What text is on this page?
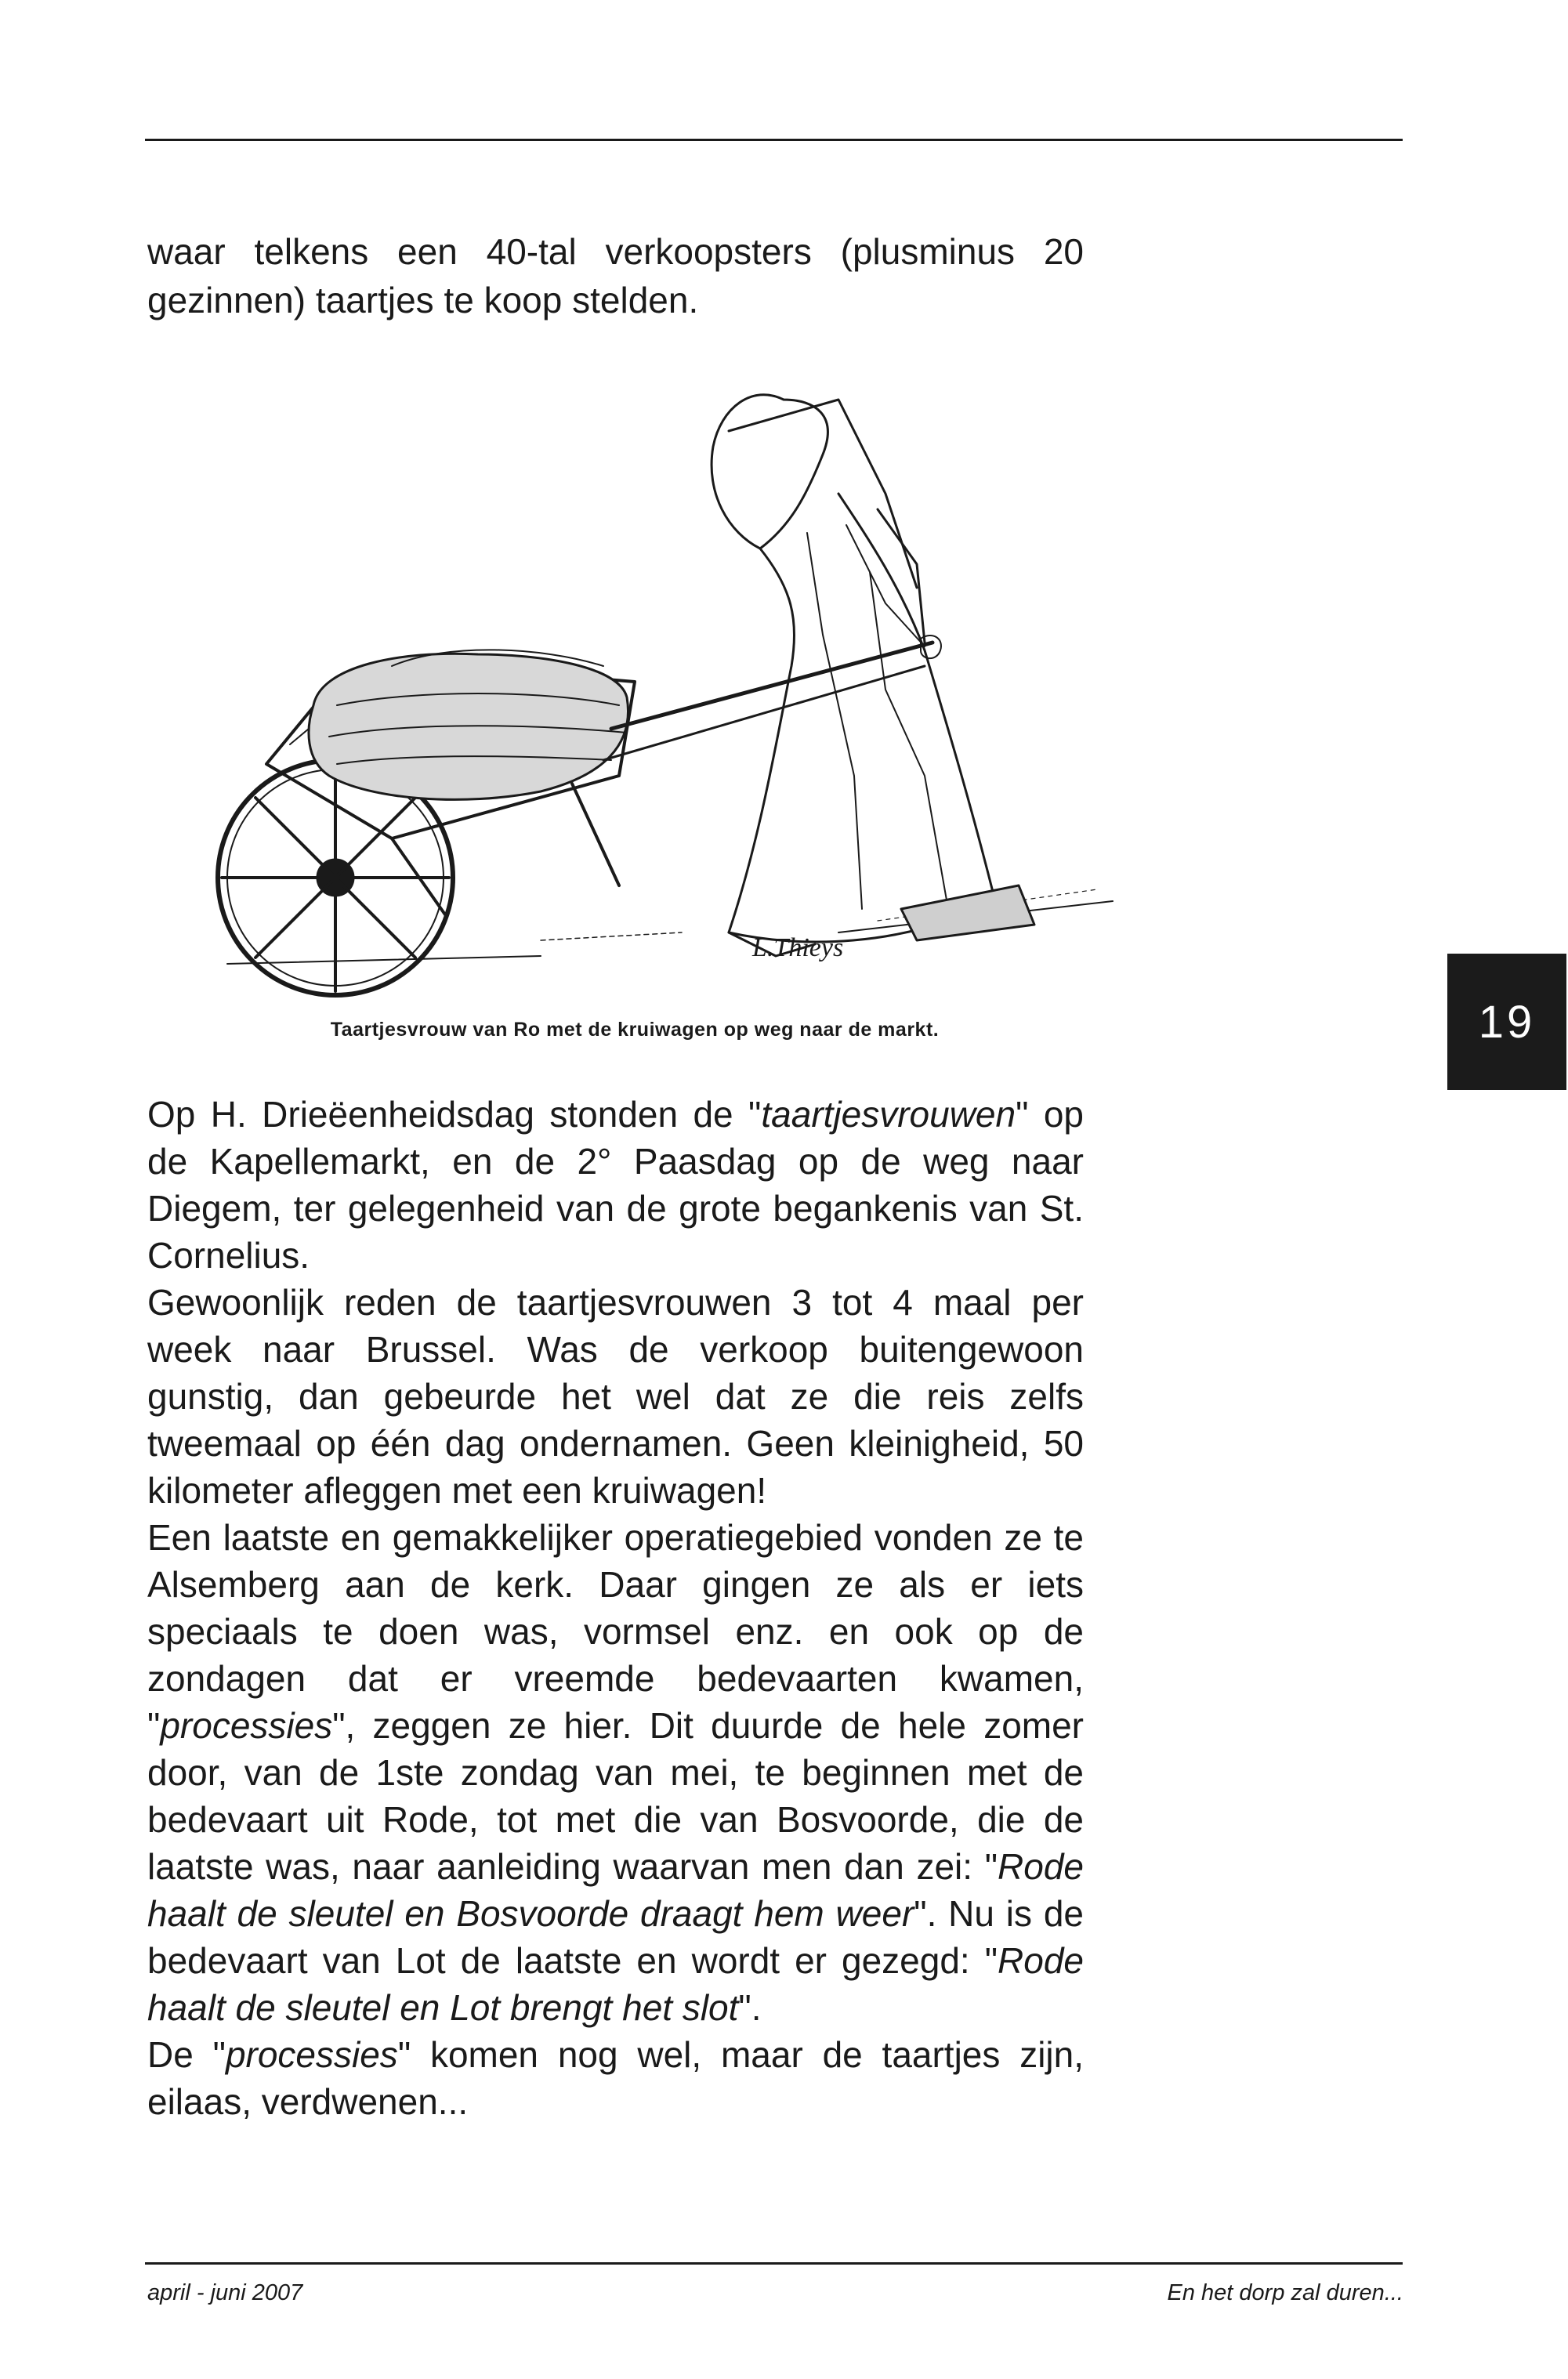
waar telkens een 40-tal verkoopsters (plusminus 20 gezinnen) taartjes te koop stelden.
L.Thieys
Taartjesvrouw van Ro met de kruiwagen op weg naar de markt.

Op H. Drieëenheidsdag stonden de "taartjesvrouwen" op de Kapellemarkt, en de 2° Paasdag op de weg naar Diegem, ter gelegenheid van de grote begankenis van St. Cornelius.

Gewoonlijk reden de taartjesvrouwen 3 tot 4 maal per week naar Brussel. Was de verkoop buitengewoon gunstig, dan gebeurde het wel dat ze die reis zelfs tweemaal op één dag ondernamen. Geen kleinigheid, 50 kilometer afleggen met een kruiwagen!

Een laatste en gemakkelijker operatiegebied vonden ze te Alsemberg aan de kerk. Daar gingen ze als er iets speciaals te doen was, vormsel enz. en ook op de zondagen dat er vreemde bedevaarten kwamen, "processies", zeggen ze hier. Dit duurde de hele zomer door, van de 1ste zondag van mei, te beginnen met de bedevaart uit Rode, tot met die van Bosvoorde, die de laatste was, naar aanleiding waarvan men dan zei: "Rode haalt de sleutel en Bosvoorde draagt hem weer". Nu is de bedevaart van Lot de laatste en wordt er gezegd: "Rode haalt de sleutel en Lot brengt het slot".

De "processies" komen nog wel, maar de taartjes zijn, eilaas, verdwenen...

19
april - juni 2007	En het dorp zal duren...
